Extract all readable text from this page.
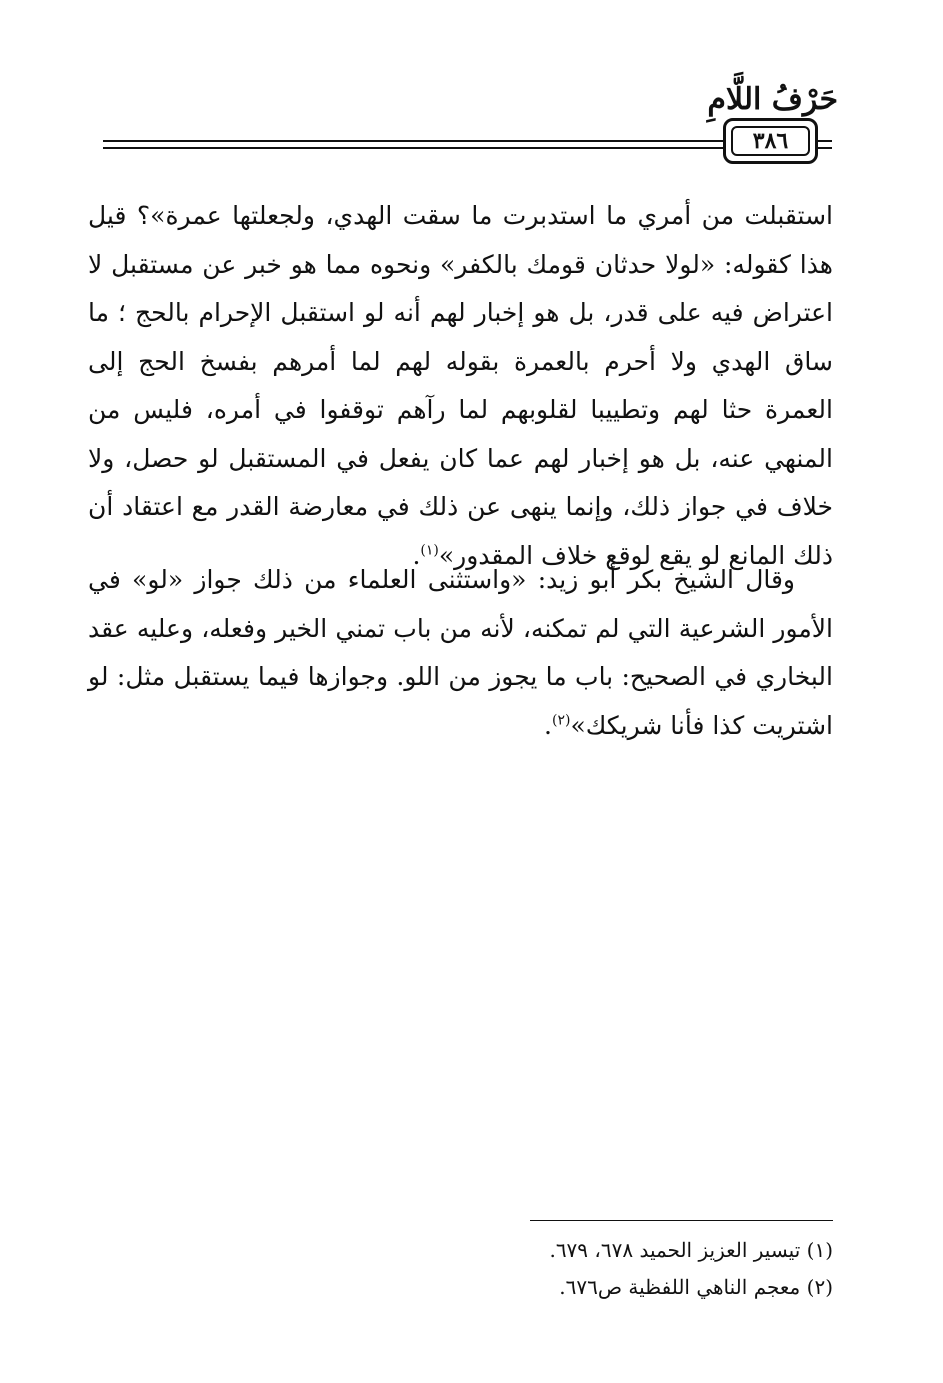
حَرْفُ اللَّامِ
٣٨٦

استقبلت من أمري ما استدبرت ما سقت الهدي، ولجعلتها عمرة»؟ قيل هذا كقوله: «لولا حدثان قومك بالكفر» ونحوه مما هو خبر عن مستقبل لا اعتراض فيه على قدر، بل هو إخبار لهم أنه لو استقبل الإحرام بالحج ؛ ما ساق الهدي ولا أحرم بالعمرة بقوله لهم لما أمرهم بفسخ الحج إلى العمرة حثا لهم وتطييبا لقلوبهم لما رآهم توقفوا في أمره، فليس من المنهي عنه، بل هو إخبار لهم عما كان يفعل في المستقبل لو حصل، ولا خلاف في جواز ذلك، وإنما ينهى عن ذلك في معارضة القدر مع اعتقاد أن ذلك المانع لو يقع لوقع خلاف المقدور»$^{(١)}$.

وقال الشيخ بكر أبو زيد: «واستثنى العلماء من ذلك جواز «لو» في الأمور الشرعية التي لم تمكنه، لأنه من باب تمني الخير وفعله، وعليه عقد البخاري في الصحيح: باب ما يجوز من اللو. وجوازها فيما يستقبل مثل: لو اشتريت كذا فأنا شريكك»$^{(٢)}$.

(١) تيسير العزيز الحميد ٦٧٨، ٦٧٩.
(٢) معجم الناهي اللفظية ص٦٧٦.
